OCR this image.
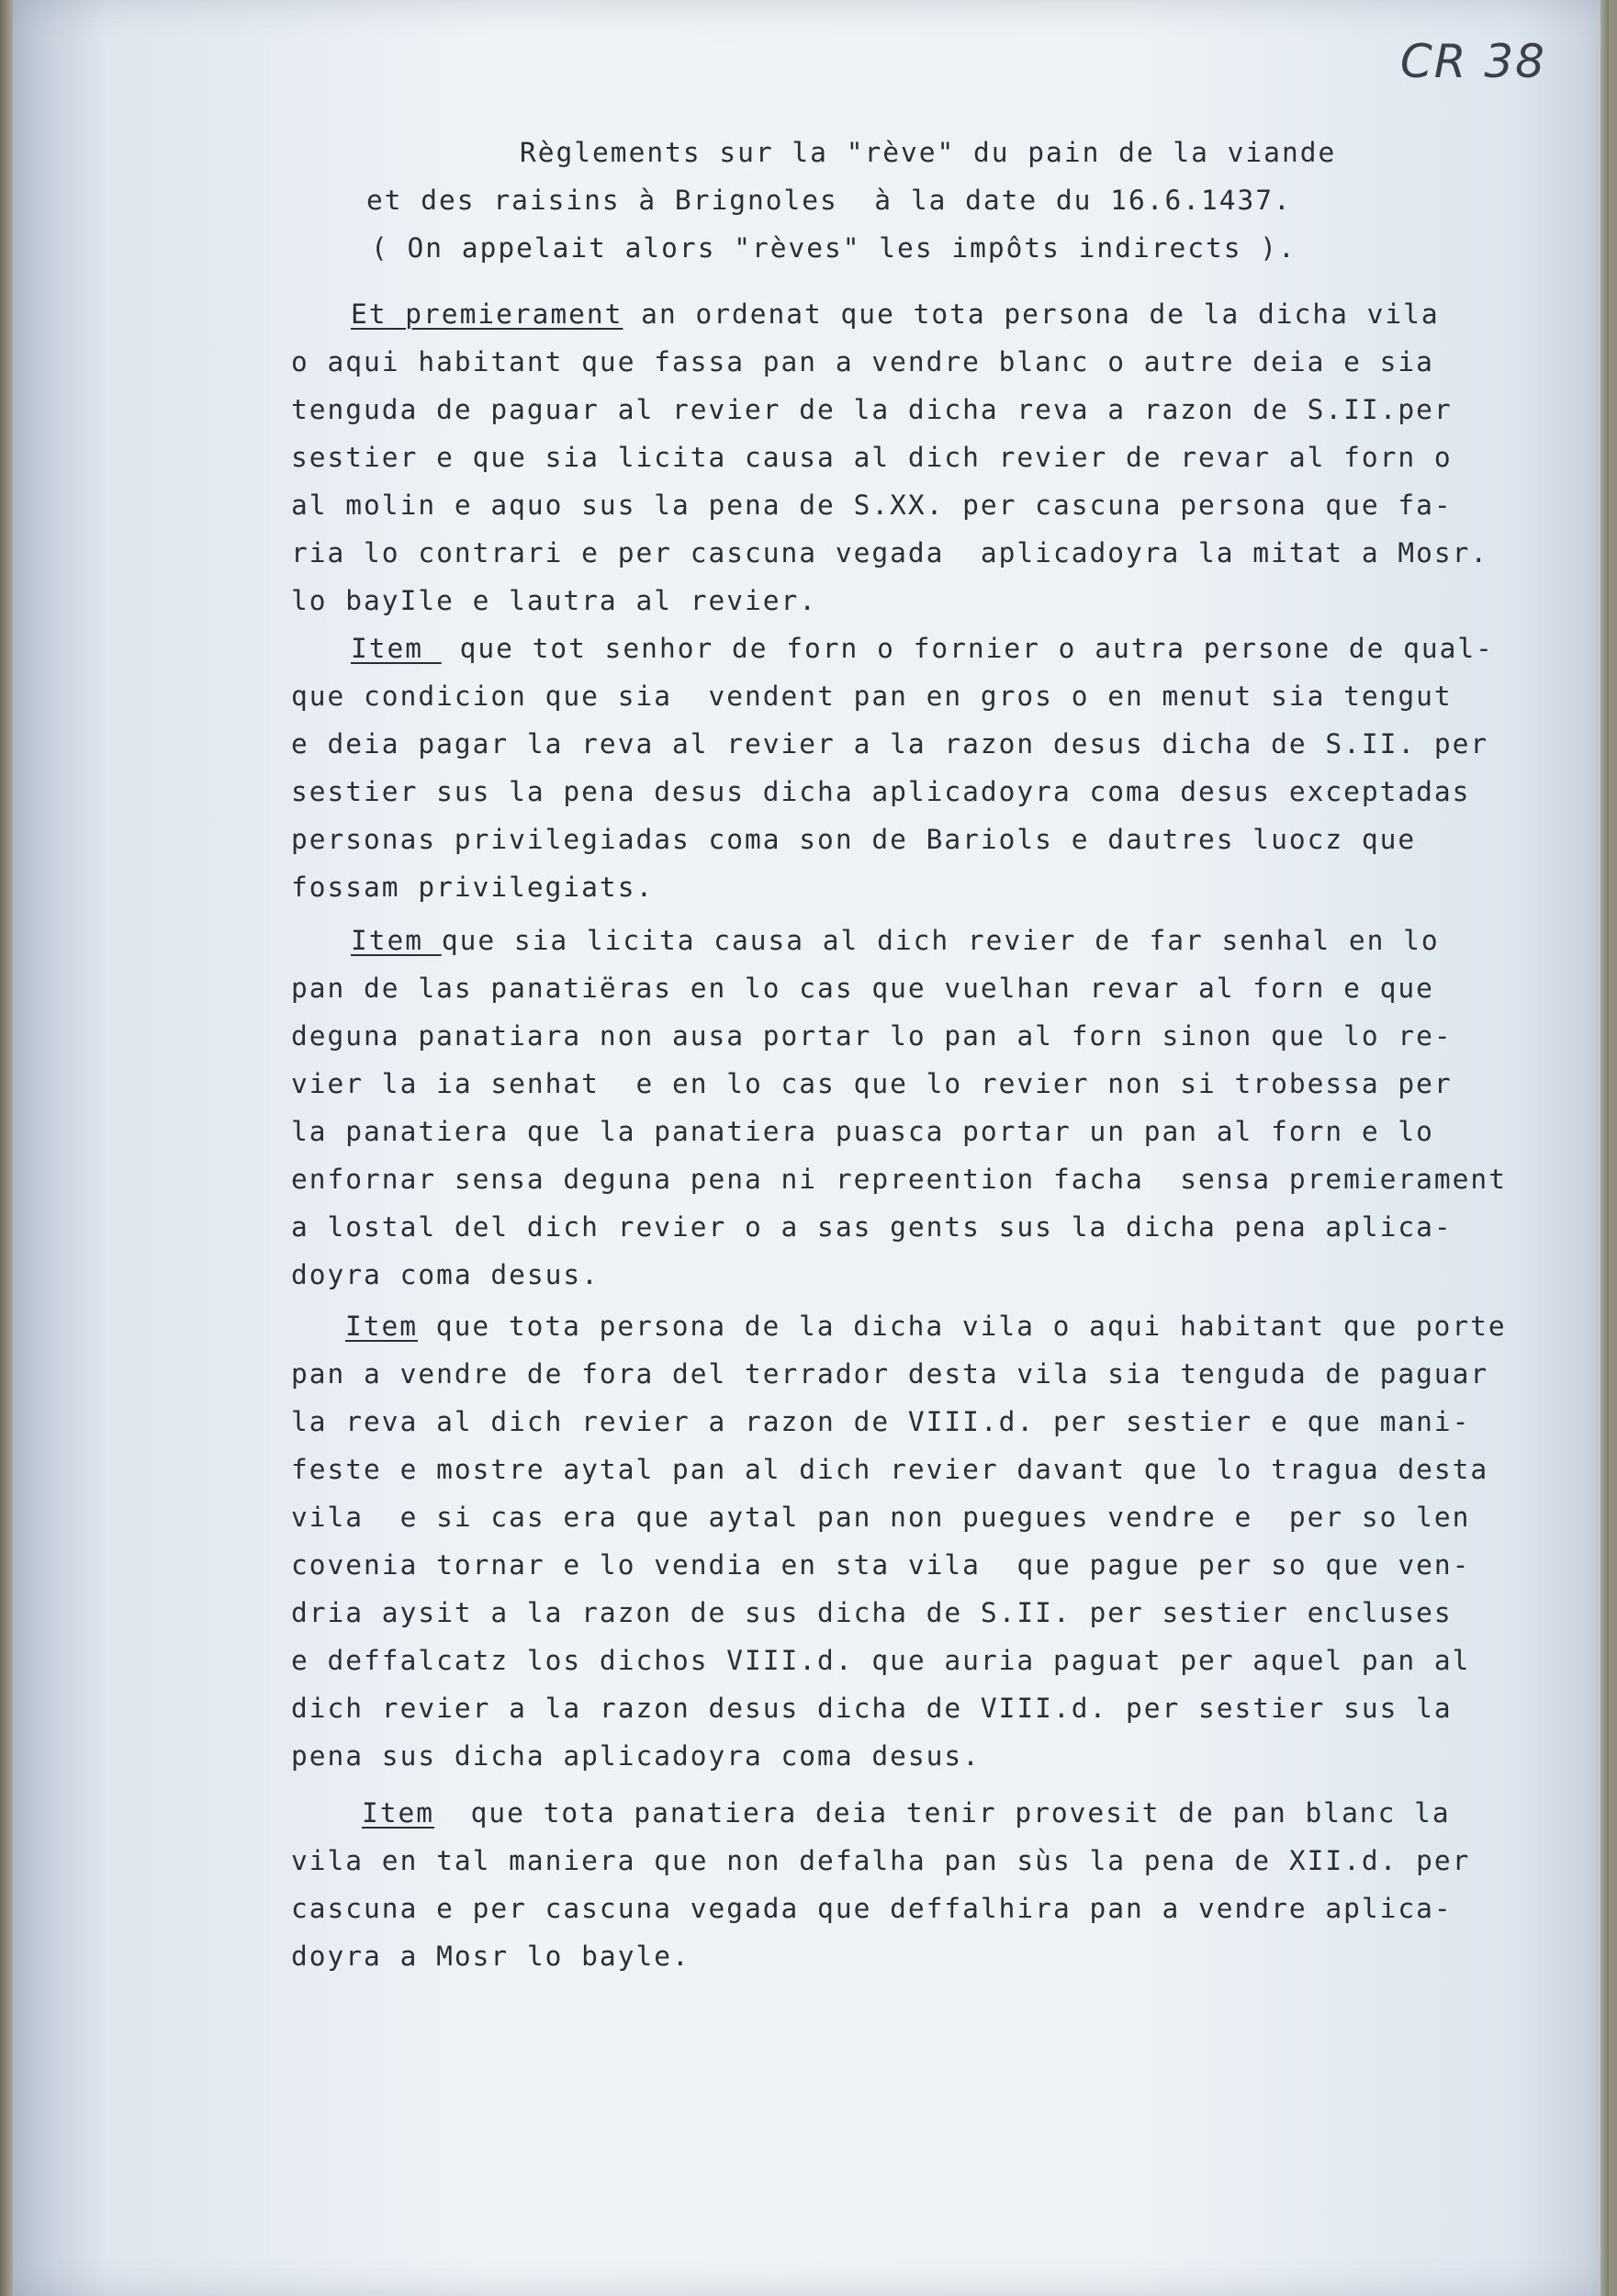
CR 38
Règlements sur la "rève" du pain de la viande
et des raisins à Brignoles  à la date du 16.6.1437.
( On appelait alors "rèves" les impôts indirects ).
Et premierament an ordenat que tota persona de la dicha vila
o aqui habitant que fassa pan a vendre blanc o autre deia e sia
tenguda de paguar al revier de la dicha reva a razon de S.II.per
sestier e que sia licita causa al dich revier de revar al forn o
al molin e aquo sus la pena de S.XX. per cascuna persona que fa-
ria lo contrari e per cascuna vegada  aplicadoyra la mitat a Mosr.
lo bayIle e lautra al revier.
Item  que tot senhor de forn o fornier o autra persone de qual-
que condicion que sia  vendent pan en gros o en menut sia tengut
e deia pagar la reva al revier a la razon desus dicha de S.II. per
sestier sus la pena desus dicha aplicadoyra coma desus exceptadas
personas privilegiadas coma son de Bariols e dautres luocz que
fossam privilegiats.
Item que sia licita causa al dich revier de far senhal en lo
pan de las panatiëras en lo cas que vuelhan revar al forn e que
deguna panatiara non ausa portar lo pan al forn sinon que lo re-
vier la ia senhat  e en lo cas que lo revier non si trobessa per
la panatiera que la panatiera puasca portar un pan al forn e lo
enfornar sensa deguna pena ni repreention facha  sensa premierament
a lostal del dich revier o a sas gents sus la dicha pena aplica-
doyra coma desus.
Item que tota persona de la dicha vila o aqui habitant que porte
pan a vendre de fora del terrador desta vila sia tenguda de paguar
la reva al dich revier a razon de VIII.d. per sestier e que mani-
feste e mostre aytal pan al dich revier davant que lo tragua desta
vila  e si cas era que aytal pan non puegues vendre e  per so len
covenia tornar e lo vendia en sta vila  que pague per so que ven-
dria aysit a la razon de sus dicha de S.II. per sestier encluses
e deffalcatz los dichos VIII.d. que auria paguat per aquel pan al
dich revier a la razon desus dicha de VIII.d. per sestier sus la
pena sus dicha aplicadoyra coma desus.
Item  que tota panatiera deia tenir provesit de pan blanc la
vila en tal maniera que non defalha pan sùs la pena de XII.d. per
cascuna e per cascuna vegada que deffalhira pan a vendre aplica-
doyra a Mosr lo bayle.
